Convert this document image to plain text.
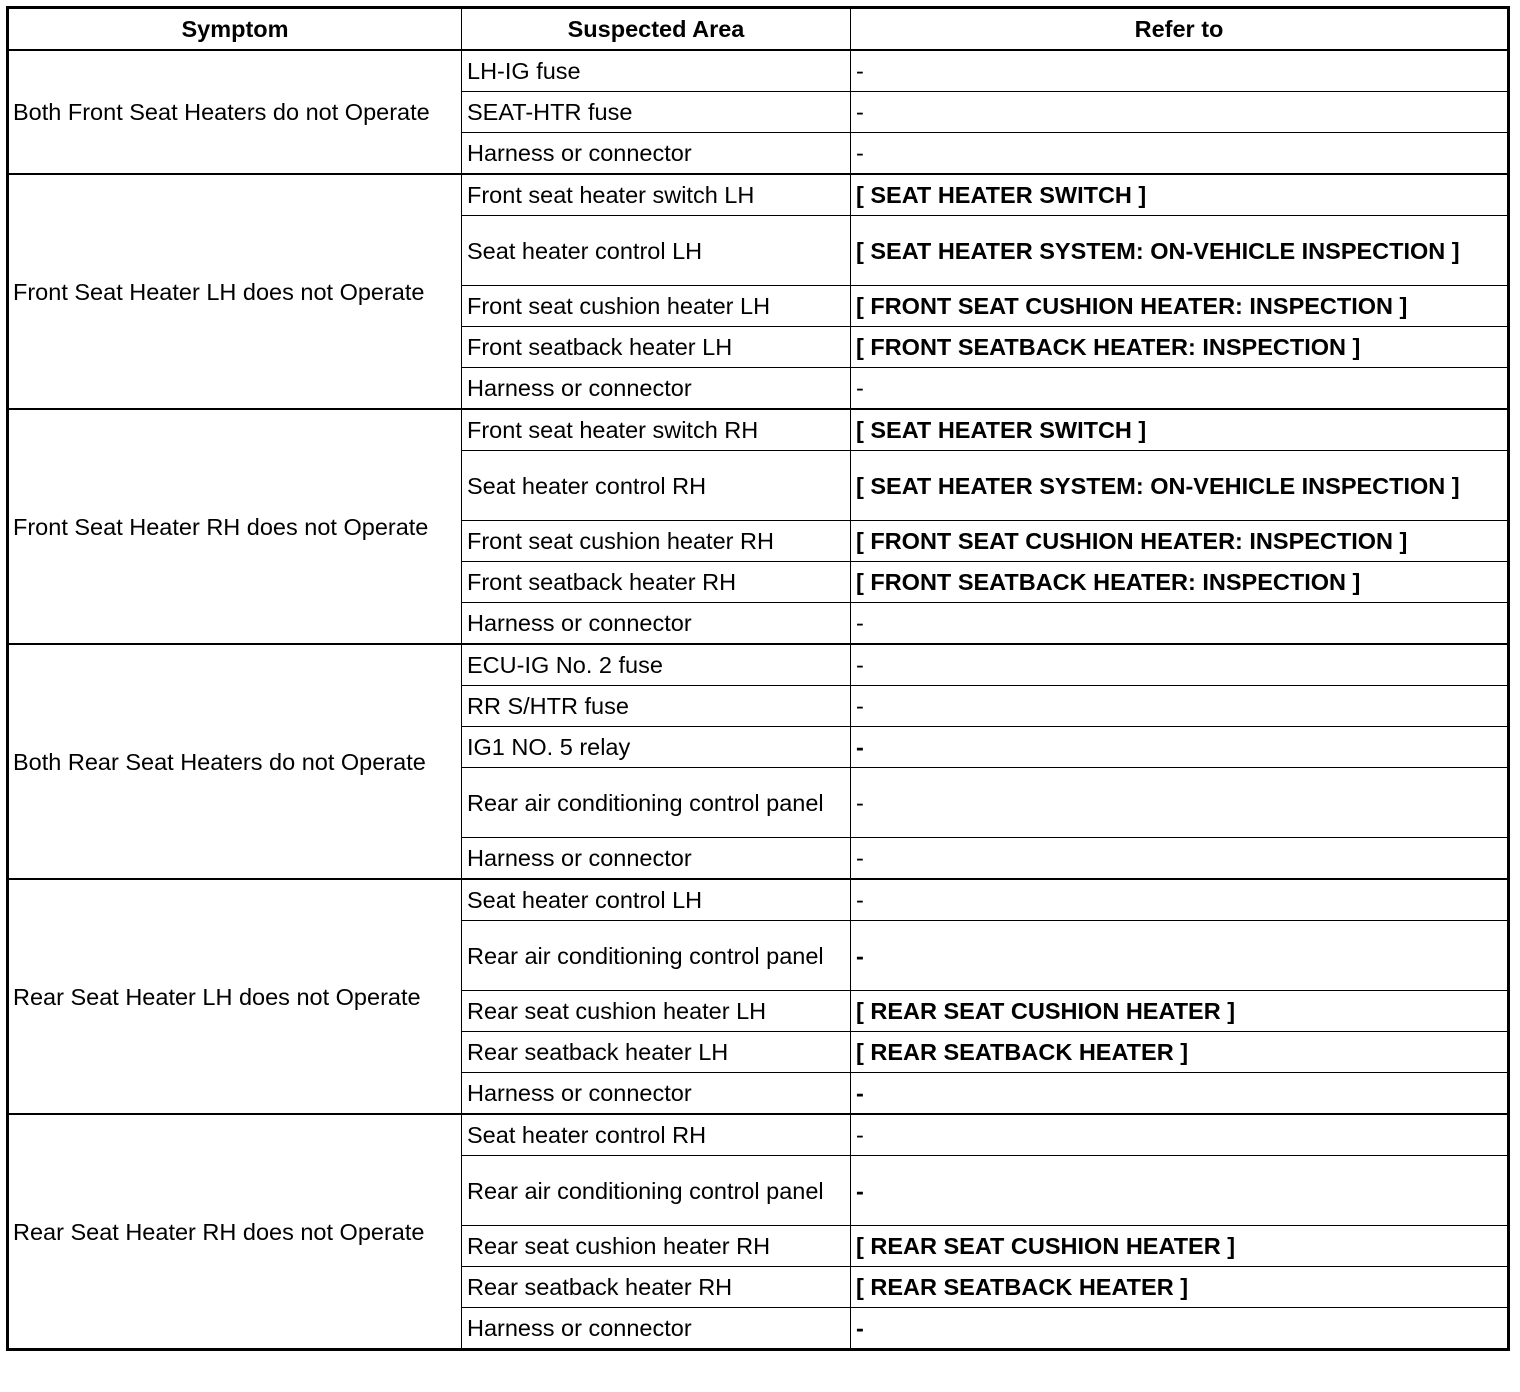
Symptom	Suspected Area	Refer to
Both Front Seat Heaters do not Operate	LH-IG fuse	-
	SEAT-HTR fuse	-
	Harness or connector	-
Front Seat Heater LH does not Operate	Front seat heater switch LH	[ SEAT HEATER SWITCH ]
	Seat heater control LH	[ SEAT HEATER SYSTEM: ON-VEHICLE INSPECTION ]
	Front seat cushion heater LH	[ FRONT SEAT CUSHION HEATER: INSPECTION ]
	Front seatback heater LH	[ FRONT SEATBACK HEATER: INSPECTION ]
	Harness or connector	-
Front Seat Heater RH does not Operate	Front seat heater switch RH	[ SEAT HEATER SWITCH ]
	Seat heater control RH	[ SEAT HEATER SYSTEM: ON-VEHICLE INSPECTION ]
	Front seat cushion heater RH	[ FRONT SEAT CUSHION HEATER: INSPECTION ]
	Front seatback heater RH	[ FRONT SEATBACK HEATER: INSPECTION ]
	Harness or connector	-
Both Rear Seat Heaters do not Operate	ECU-IG No. 2 fuse	-
	RR S/HTR fuse	-
	IG1 NO. 5 relay	-
	Rear air conditioning control panel	-
	Harness or connector	-
Rear Seat Heater LH does not Operate	Seat heater control LH	-
	Rear air conditioning control panel	-
	Rear seat cushion heater LH	[ REAR SEAT CUSHION HEATER ]
	Rear seatback heater LH	[ REAR SEATBACK HEATER ]
	Harness or connector	-
Rear Seat Heater RH does not Operate	Seat heater control RH	-
	Rear air conditioning control panel	-
	Rear seat cushion heater RH	[ REAR SEAT CUSHION HEATER ]
	Rear seatback heater RH	[ REAR SEATBACK HEATER ]
	Harness or connector	-
